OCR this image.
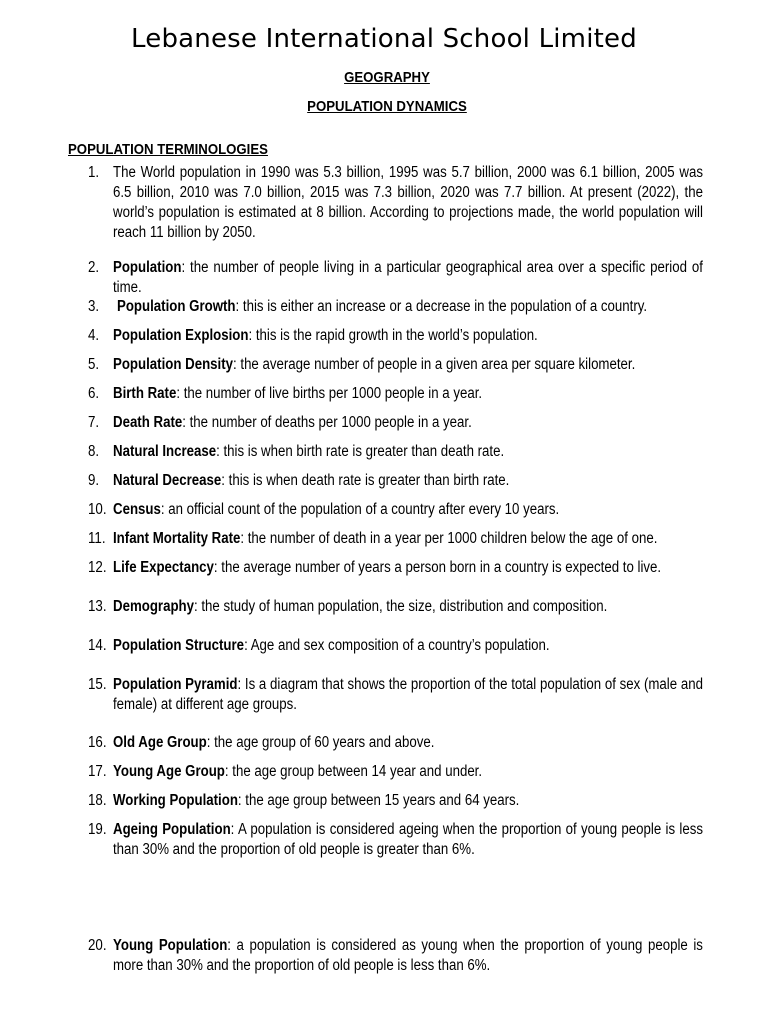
Lebanese International School Limited
GEOGRAPHY
POPULATION DYNAMICS
POPULATION TERMINOLOGIES
1. The World population in 1990 was 5.3 billion, 1995 was 5.7 billion, 2000 was 6.1 billion, 2005 was 6.5 billion, 2010 was 7.0 billion, 2015 was 7.3 billion, 2020 was 7.7 billion. At present (2022), the world’s population is estimated at 8 billion. According to projections made, the world population will reach 11 billion by 2050.
2. Population: the number of people living in a particular geographical area over a specific period of time.
3.	Population Growth: this is either an increase or a decrease in the population of a country.
4. Population Explosion: this is the rapid growth in the world’s population.
5. Population Density: the average number of people in a given area per square kilometer.
6. Birth Rate: the number of live births per 1000 people in a year.
7. Death Rate: the number of deaths per 1000 people in a year.
8. Natural Increase: this is when birth rate is greater than death rate.
9. Natural Decrease: this is when death rate is greater than birth rate.
10. Census: an official count of the population of a country after every 10 years.
11. Infant Mortality Rate: the number of death in a year per 1000 children below the age of one.
12. Life Expectancy: the average number of years a person born in a country is expected to live.
13. Demography: the study of human population, the size, distribution and composition.
14. Population Structure: Age and sex composition of a country’s population.
15. Population Pyramid: Is a diagram that shows the proportion of the total population of sex (male and female) at different age groups.
16. Old Age Group: the age group of 60 years and above.
17. Young Age Group: the age group between 14 year and under.
18. Working Population: the age group between 15 years and 64 years.
19. Ageing Population: A population is considered ageing when the proportion of young people is less than 30% and the proportion of old people is greater than 6%.
20. Young Population: a population is considered as young when the proportion of young people is more than 30% and the proportion of old people is less than 6%.
